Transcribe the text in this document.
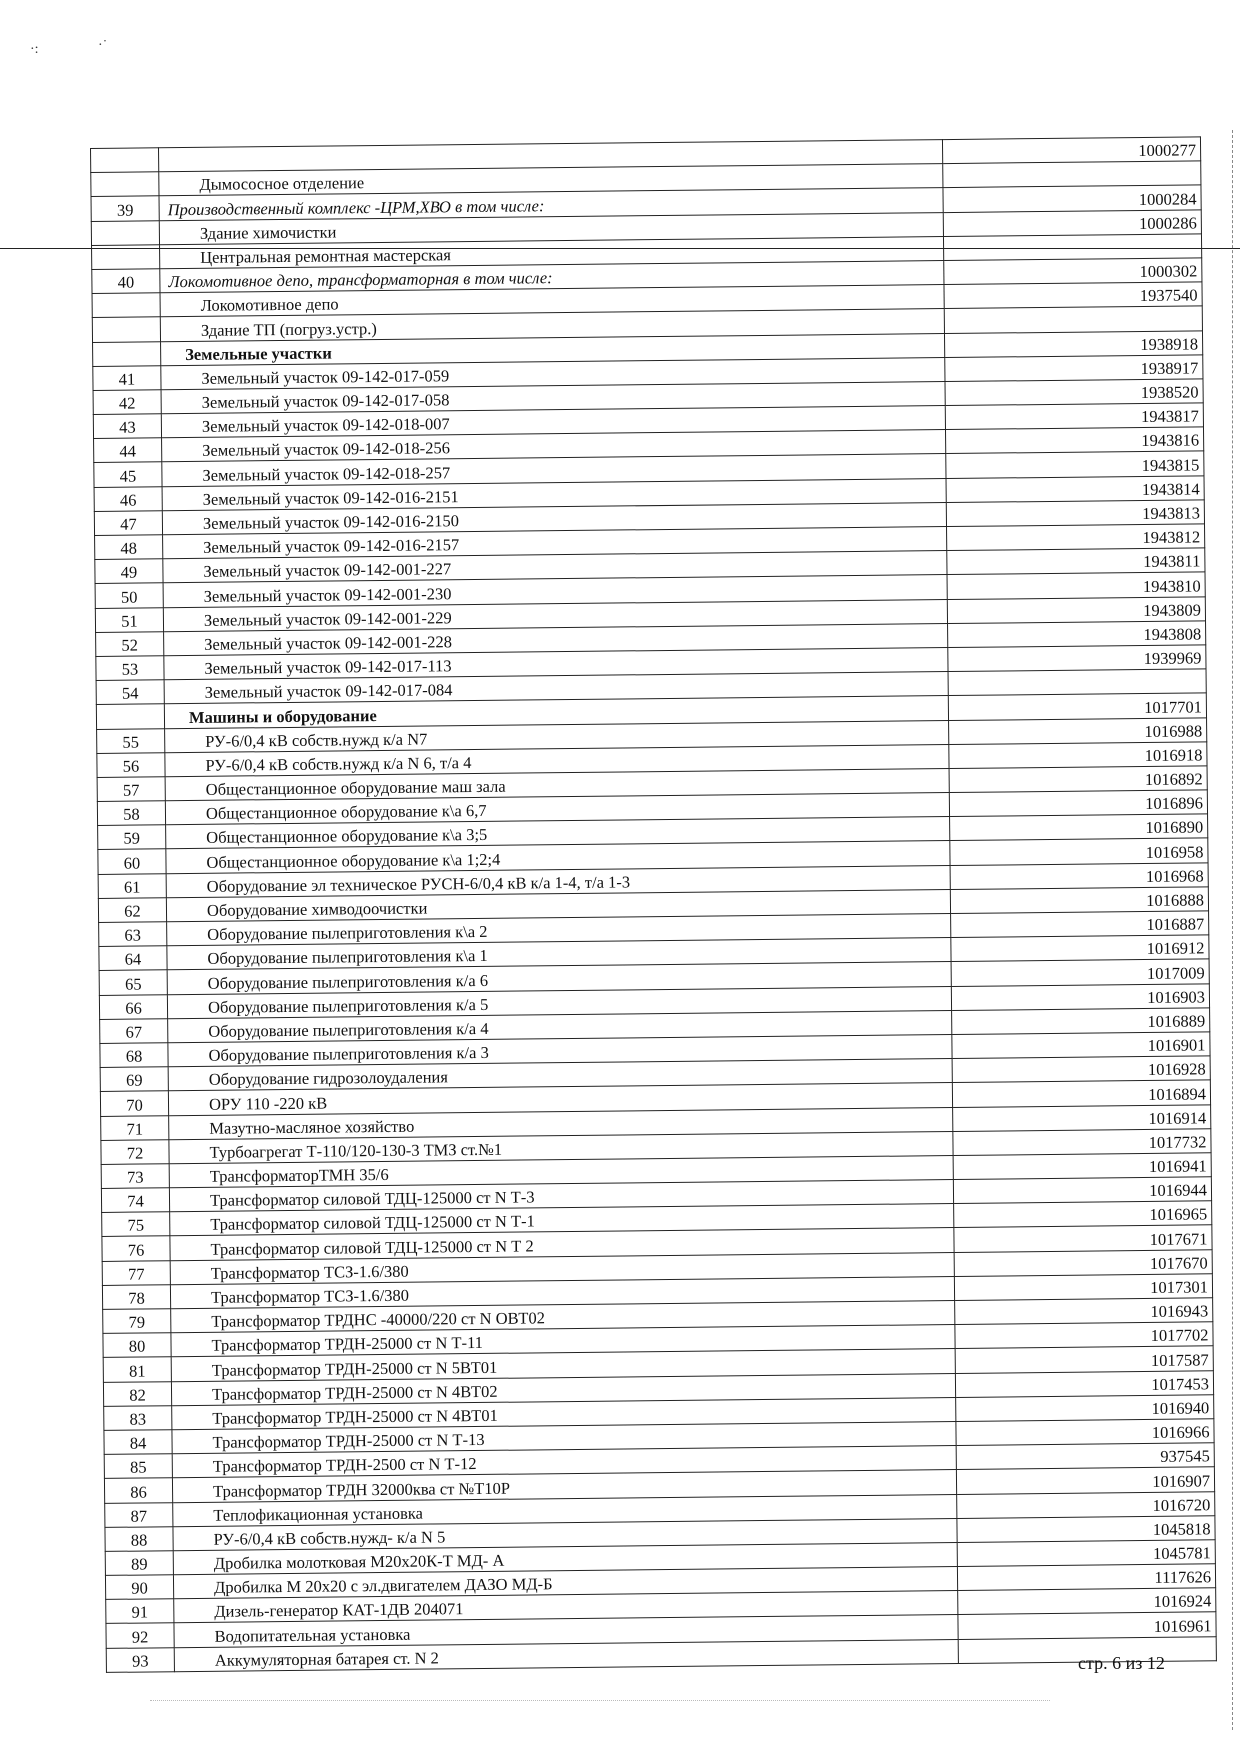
·:	·˙
		1000277
	Дымососное отделение	
39	Производственный комплекс -ЦРМ,ХВО в том числе:	1000284
	Здание химочистки	1000286
	Центральная ремонтная мастерская	
40	Локомотивное депо, трансформаторная в том числе:	1000302
	Локомотивное депо	1937540
	Здание ТП (погруз.устр.)	
	Земельные участки	1938918
41	Земельный участок 09-142-017-059	1938917
42	Земельный участок 09-142-017-058	1938520
43	Земельный участок 09-142-018-007	1943817
44	Земельный участок 09-142-018-256	1943816
45	Земельный участок 09-142-018-257	1943815
46	Земельный участок 09-142-016-2151	1943814
47	Земельный участок 09-142-016-2150	1943813
48	Земельный участок 09-142-016-2157	1943812
49	Земельный участок 09-142-001-227	1943811
50	Земельный участок 09-142-001-230	1943810
51	Земельный участок 09-142-001-229	1943809
52	Земельный участок 09-142-001-228	1943808
53	Земельный участок 09-142-017-113	1939969
54	Земельный участок 09-142-017-084	
	Машины и оборудование	1017701
55	РУ-6/0,4 кВ собств.нужд к/а N7	1016988
56	РУ-6/0,4 кВ собств.нужд к/а N 6, т/а 4	1016918
57	Общестанционное оборудование маш зала	1016892
58	Общестанционное оборудование к\а 6,7	1016896
59	Общестанционное оборудование к\а 3;5	1016890
60	Общестанционное оборудование к\а 1;2;4	1016958
61	Оборудование эл техническое РУСН-6/0,4 кВ к/а 1-4, т/а 1-3	1016968
62	Оборудование химводоочистки	1016888
63	Оборудование пылеприготовления к\а 2	1016887
64	Оборудование пылеприготовления к\а 1	1016912
65	Оборудование пылеприготовления к/а 6	1017009
66	Оборудование пылеприготовления к/а 5	1016903
67	Оборудование пылеприготовления к/а 4	1016889
68	Оборудование пылеприготовления к/а 3	1016901
69	Оборудование гидрозолоудаления	1016928
70	ОРУ 110 -220 кВ	1016894
71	Мазутно-масляное хозяйство	1016914
72	Турбоагрегат Т-110/120-130-3 ТМЗ ст.№1	1017732
73	ТрансформаторТМН 35/6	1016941
74	Трансформатор силовой ТДЦ-125000 ст N Т-3	1016944
75	Трансформатор силовой ТДЦ-125000 ст N Т-1	1016965
76	Трансформатор силовой ТДЦ-125000 ст N Т 2	1017671
77	Трансформатор ТСЗ-1.6/380	1017670
78	Трансформатор ТСЗ-1.6/380	1017301
79	Трансформатор ТРДНС -40000/220 ст N ОВТ02	1016943
80	Трансформатор ТРДН-25000 ст N Т-11	1017702
81	Трансформатор ТРДН-25000 ст N 5ВТ01	1017587
82	Трансформатор ТРДН-25000 ст N 4ВТ02	1017453
83	Трансформатор ТРДН-25000 ст N 4ВТ01	1016940
84	Трансформатор ТРДН-25000 ст N Т-13	1016966
85	Трансформатор ТРДН-2500 ст N Т-12	937545
86	Трансформатор ТРДН 32000ква ст №Т10Р	1016907
87	Теплофикационная установка	1016720
88	РУ-6/0,4 кВ собств.нужд- к/а N 5	1045818
89	Дробилка молотковая М20х20К-Т МД- А	1045781
90	Дробилка М 20х20 с эл.двигателем ДАЗО МД-Б	1117626
91	Дизель-генератор КАТ-1ДВ 204071	1016924
92	Водопитательная установка	1016961
93	Аккумуляторная батарея ст. N 2		стр. 6 из 12
